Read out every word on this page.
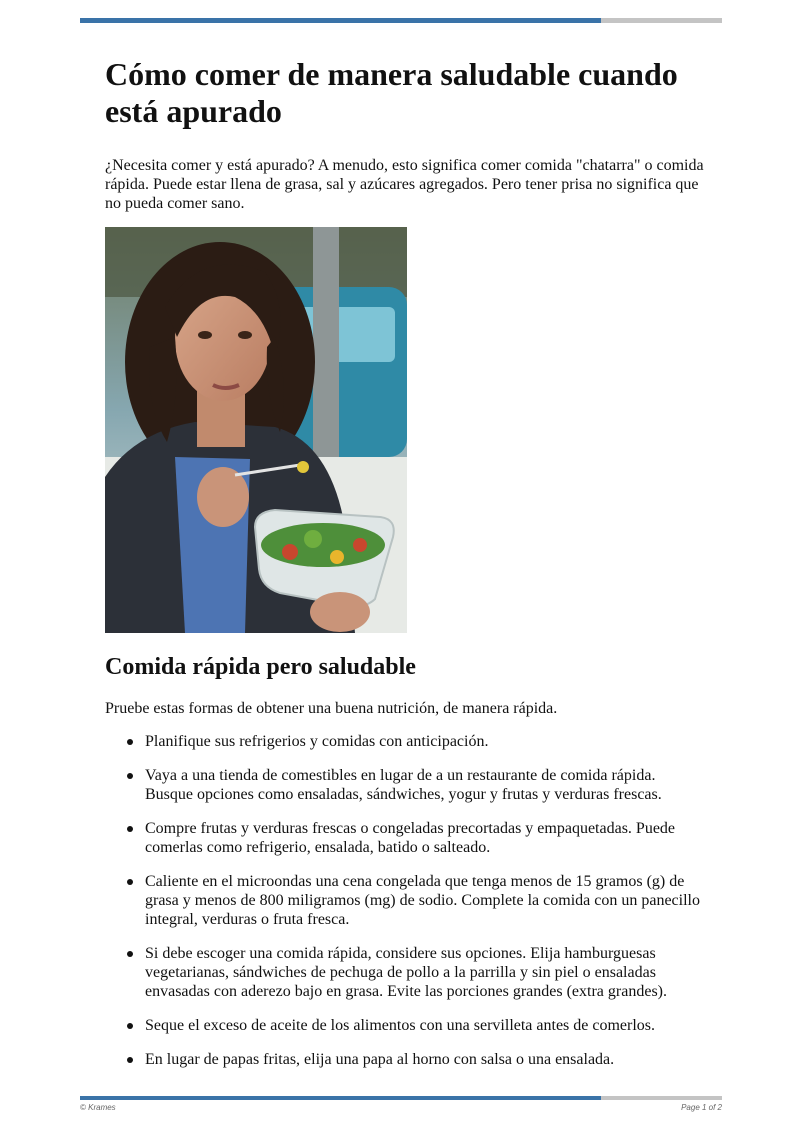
Cómo comer de manera saludable cuando está apurado

¿Necesita comer y está apurado? A menudo, esto significa comer comida "chatarra" o comida rápida. Puede estar llena de grasa, sal y azúcares agregados. Pero tener prisa no significa que no pueda comer sano.

Comida rápida pero saludable

Pruebe estas formas de obtener una buena nutrición, de manera rápida.

Planifique sus refrigerios y comidas con anticipación.
Vaya a una tienda de comestibles en lugar de a un restaurante de comida rápida. Busque opciones como ensaladas, sándwiches, yogur y frutas y verduras frescas.
Compre frutas y verduras frescas o congeladas precortadas y empaquetadas. Puede comerlas como refrigerio, ensalada, batido o salteado.
Caliente en el microondas una cena congelada que tenga menos de 15 gramos (g) de grasa y menos de 800 miligramos (mg) de sodio. Complete la comida con un panecillo integral, verduras o fruta fresca.
Si debe escoger una comida rápida, considere sus opciones. Elija hamburguesas vegetarianas, sándwiches de pechuga de pollo a la parrilla y sin piel o ensaladas envasadas con aderezo bajo en grasa. Evite las porciones grandes (extra grandes).
Seque el exceso de aceite de los alimentos con una servilleta antes de comerlos.
En lugar de papas fritas, elija una papa al horno con salsa o una ensalada.
© Krames	Page 1 of 2
